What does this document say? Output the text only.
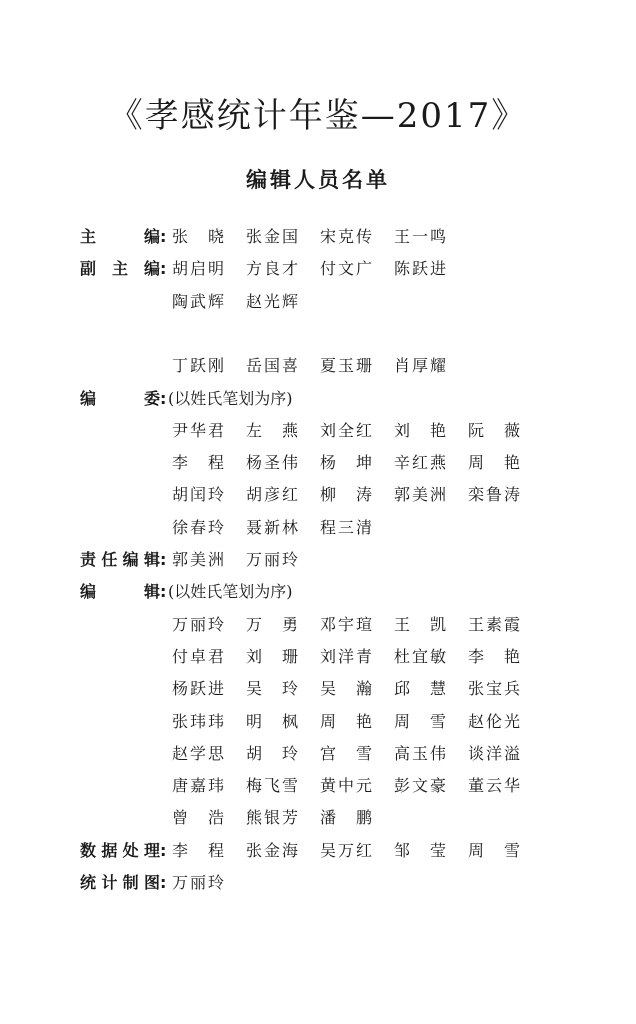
《孝感统计年鉴—2017》
编辑人员名单
主编: 张晓 张金国 宋克传 王一鸣
副主编: 胡启明 方良才 付文广 陈跃进
陶武辉 赵光辉
丁跃刚 岳国喜 夏玉珊 肖厚耀
编委: (以姓氏笔划为序)
尹华君 左燕 刘全红 刘艳 阮薇
李程 杨圣伟 杨坤 辛红燕 周艳
胡闰玲 胡彦红 柳涛 郭美洲 栾鲁涛
徐春玲 聂新林 程三清
责任编辑: 郭美洲 万丽玲
编辑: (以姓氏笔划为序)
万丽玲 万勇 邓宇瑄 王凯 王素霞
付卓君 刘珊 刘洋青 杜宜敏 李艳
杨跃进 吴玲 吴瀚 邱慧 张宝兵
张玮玮 明枫 周艳 周雪 赵伦光
赵学思 胡玲 宫雪 高玉伟 谈洋溢
唐嘉玮 梅飞雪 黄中元 彭文豪 董云华
曾浩 熊银芳 潘鹏
数据处理: 李程 张金海 吴万红 邹莹 周雪
统计制图: 万丽玲
